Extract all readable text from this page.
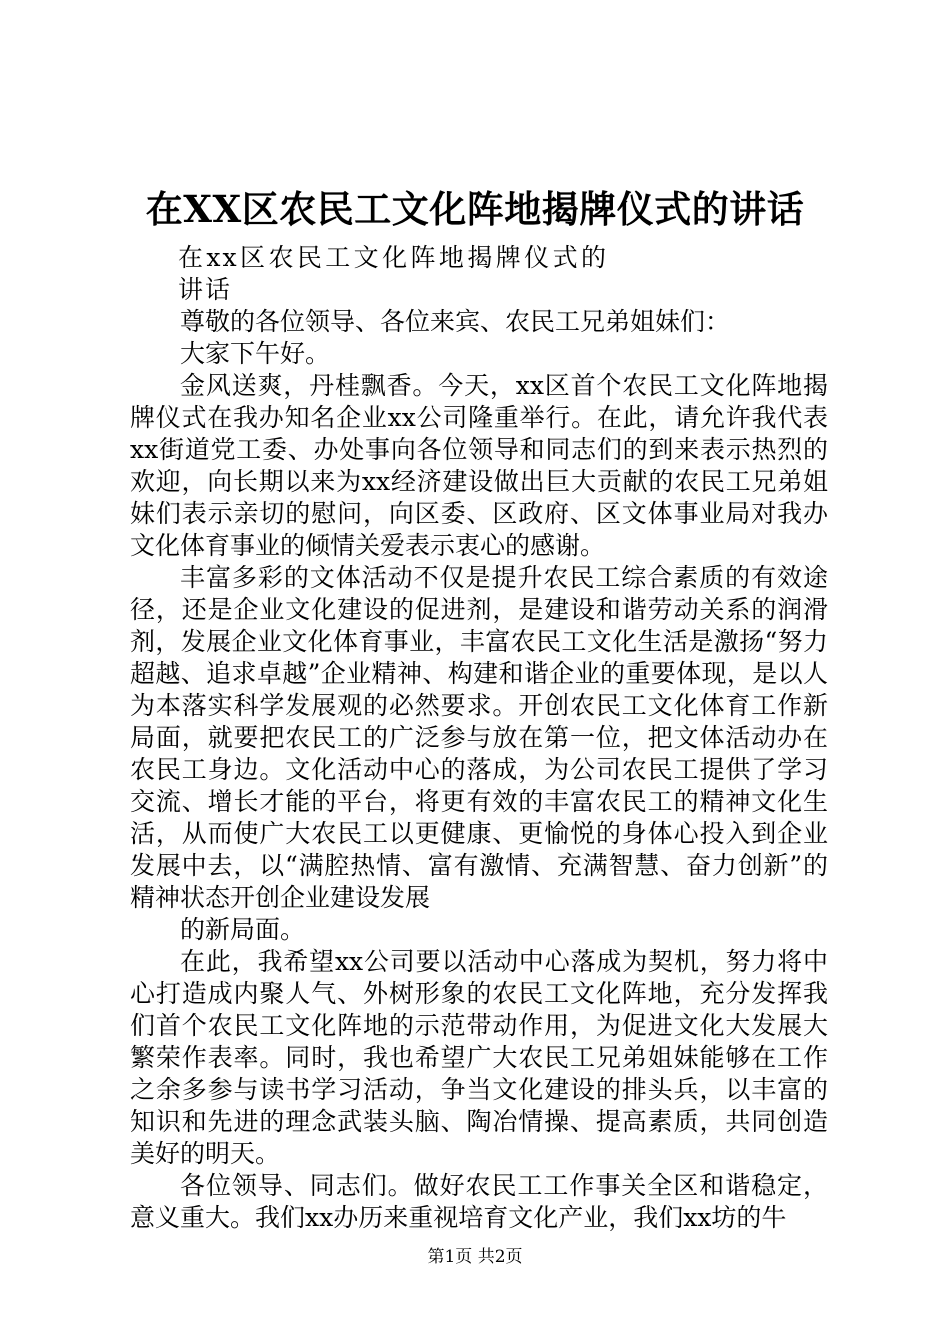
在XX区农民工文化阵地揭牌仪式的讲话

在xx区农民工文化阵地揭牌仪式的讲话

尊敬的各位领导、各位来宾、农民工兄弟姐妹们：

大家下午好。

金风送爽，丹桂飘香。今天，xx区首个农民工文化阵地揭牌仪式在我办知名企业xx公司隆重举行。在此，请允许我代表xx街道党工委、办处事向各位领导和同志们的到来表示热烈的欢迎，向长期以来为xx经济建设做出巨大贡献的农民工兄弟姐妹们表示亲切的慰问，向区委、区政府、区文体事业局对我办文化体育事业的倾情关爱表示衷心的感谢。

丰富多彩的文体活动不仅是提升农民工综合素质的有效途径，还是企业文化建设的促进剂，是建设和谐劳动关系的润滑剂，发展企业文化体育事业，丰富农民工文化生活是激扬“努力超越、追求卓越”企业精神、构建和谐企业的重要体现，是以人为本落实科学发展观的必然要求。开创农民工文化体育工作新局面，就要把农民工的广泛参与放在第一位，把文体活动办在农民工身边。文化活动中心的落成，为公司农民工提供了学习交流、增长才能的平台，将更有效的丰富农民工的精神文化生活，从而使广大农民工以更健康、更愉悦的身体心投入到企业发展中去，以“满腔热情、富有激情、充满智慧、奋力创新”的精神状态开创企业建设发展

的新局面。

在此，我希望xx公司要以活动中心落成为契机，努力将中心打造成内聚人气、外树形象的农民工文化阵地，充分发挥我们首个农民工文化阵地的示范带动作用，为促进文化大发展大繁荣作表率。同时，我也希望广大农民工兄弟姐妹能够在工作之余多参与读书学习活动，争当文化建设的排头兵，以丰富的知识和先进的理念武装头脑、陶冶情操、提高素质，共同创造美好的明天。

各位领导、同志们。做好农民工工作事关全区和谐稳定，意义重大。我们xx办历来重视培育文化产业，我们xx坊的牛

第1页 共2页
